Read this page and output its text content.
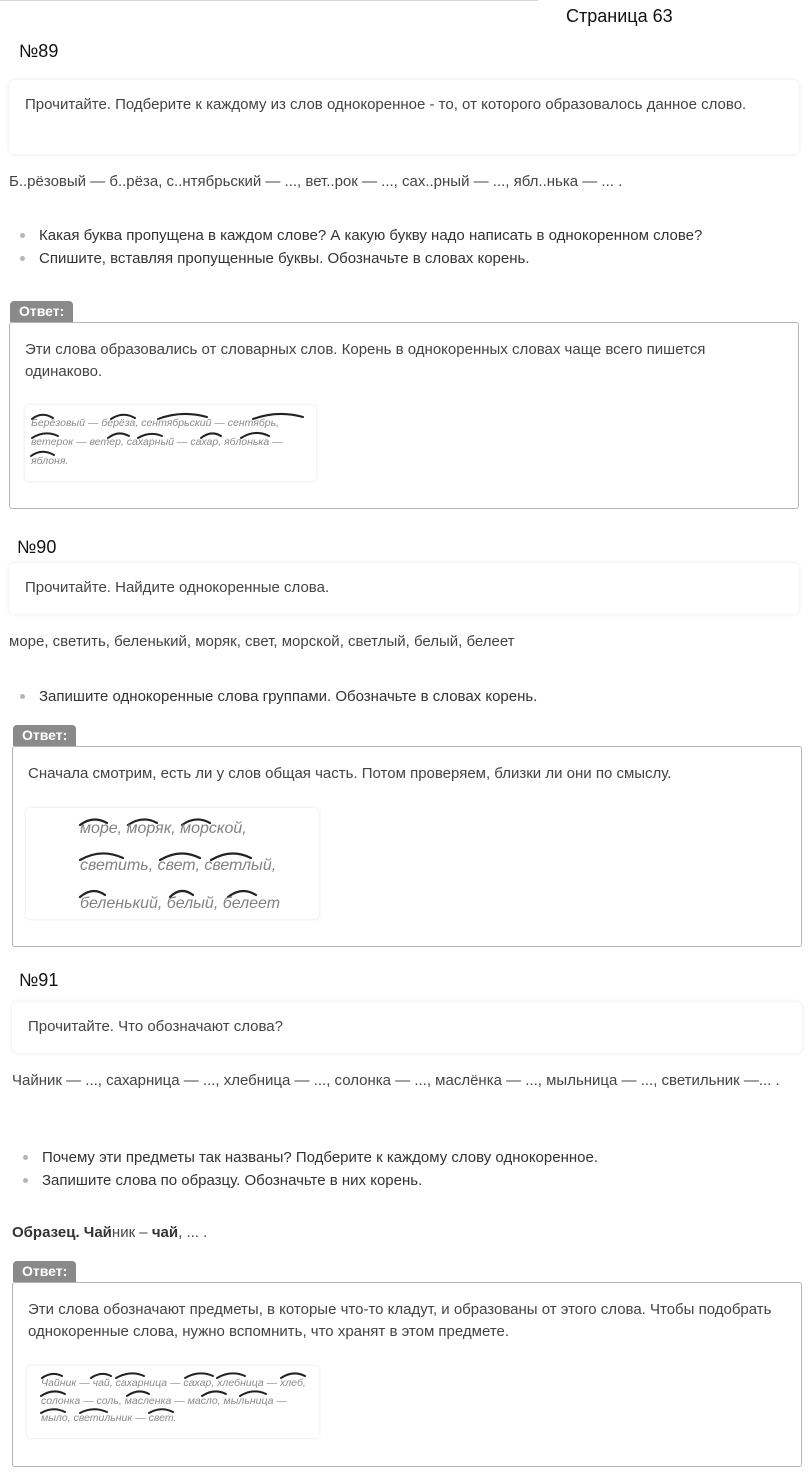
Страница 63
№89
Прочитайте. Подберите к каждому из слов однокоренное - то, от которого образовалось данное слово.
Б..рёзовый — б..рёза, с..нтябрьский — ..., вет..рок — ..., сах..рный — ..., ябл..нька — ... .
Какая буква пропущена в каждом слове? А какую букву надо написать в однокоренном слове?
Спишите, вставляя пропущенные буквы. Обозначьте в словах корень.
Ответ:
Эти слова образовались от словарных слов. Корень в однокоренных словах чаще всего пишется одинаково.
Берёзовый — берёза, сентябрьский — сентябрь,
ветерок — ветер, сахарный — сахар, яблонька —
яблоня.
№90
Прочитайте. Найдите однокоренные слова.
море, светить, беленький, моряк, свет, морской, светлый, белый, белеет
Запишите однокоренные слова группами. Обозначьте в словах корень.
Ответ:
Сначала смотрим, есть ли у слов общая часть. Потом проверяем, близки ли они по смыслу.
море, моряк, морской,
светить, свет, светлый,
беленький, белый, белеет
№91
Прочитайте. Что обозначают слова?
Чайник — ..., сахарница — ..., хлебница — ..., солонка — ..., маслёнка — ..., мыльница — ..., светильник —... .
Почему эти предметы так названы? Подберите к каждому слову однокоренное.
Запишите слова по образцу. Обозначьте в них корень.
Образец. Чайник – чай, ... .
Ответ:
Эти слова обозначают предметы, в которые что-то кладут, и образованы от этого слова. Чтобы подобрать однокоренные слова, нужно вспомнить, что хранят в этом предмете.
Чайник — чай, сахарница — сахар, хлебница — хлеб,
солонка — соль, масленка — масло, мыльница —
мыло, светильник — свет.
